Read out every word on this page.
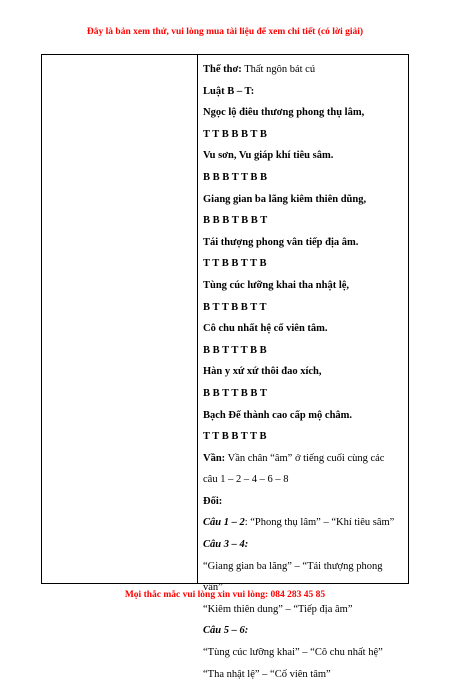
Đây là bản xem thử, vui lòng mua tài liệu để xem chi tiết (có lời giải)
Thể thơ: Thất ngôn bát cú
Luật B – T:
Ngọc lộ điêu thương phong thụ lâm,
T T B B B T B
Vu sơn, Vu giáp khí tiêu sâm.
B B B T T B B
Giang gian ba lãng kiêm thiên dũng,
B B B T B B T
Tái thượng phong vân tiếp địa âm.
T T B B T T B
Tùng cúc lưỡng khai tha nhật lệ,
B T T B B T T
Cô chu nhất hệ cố viên tâm.
B B T T T B B
Hàn y xứ xứ thôi đao xích,
B B T T B B T
Bạch Đế thành cao cấp mộ châm.
T T B B T T B
Vần: Vần chân “âm” ở tiếng cuối cùng các
câu 1 – 2 – 4 – 6 – 8
Đối:
Câu 1 – 2: “Phong thụ lâm” – “Khí tiêu sâm”
Câu 3 – 4:
“Giang gian ba lãng” – “Tái thượng phong
vân”
“Kiêm thiên dung” – “Tiếp địa âm”
Câu 5 – 6:
“Tùng cúc lưỡng khai” – “Cô chu nhất hệ”
“Tha nhật lệ” – “Cố viên tâm”
Mọi thắc mắc vui lòng xin vui lòng: 084 283 45 85
